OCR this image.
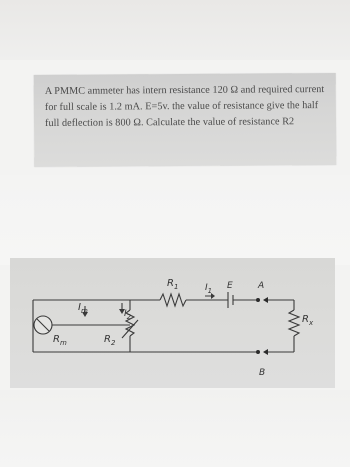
A PMMC ammeter has intern resistance 120 Ω and required current for full scale is 1.2 mA. E=5v. the value of resistance give the half full deflection is 800 Ω. Calculate the value of resistance R2

$I_m$
$R_m$
$I_2$
$R_2$
$R_1$	$I_1$ E	A
B
$R_x$
